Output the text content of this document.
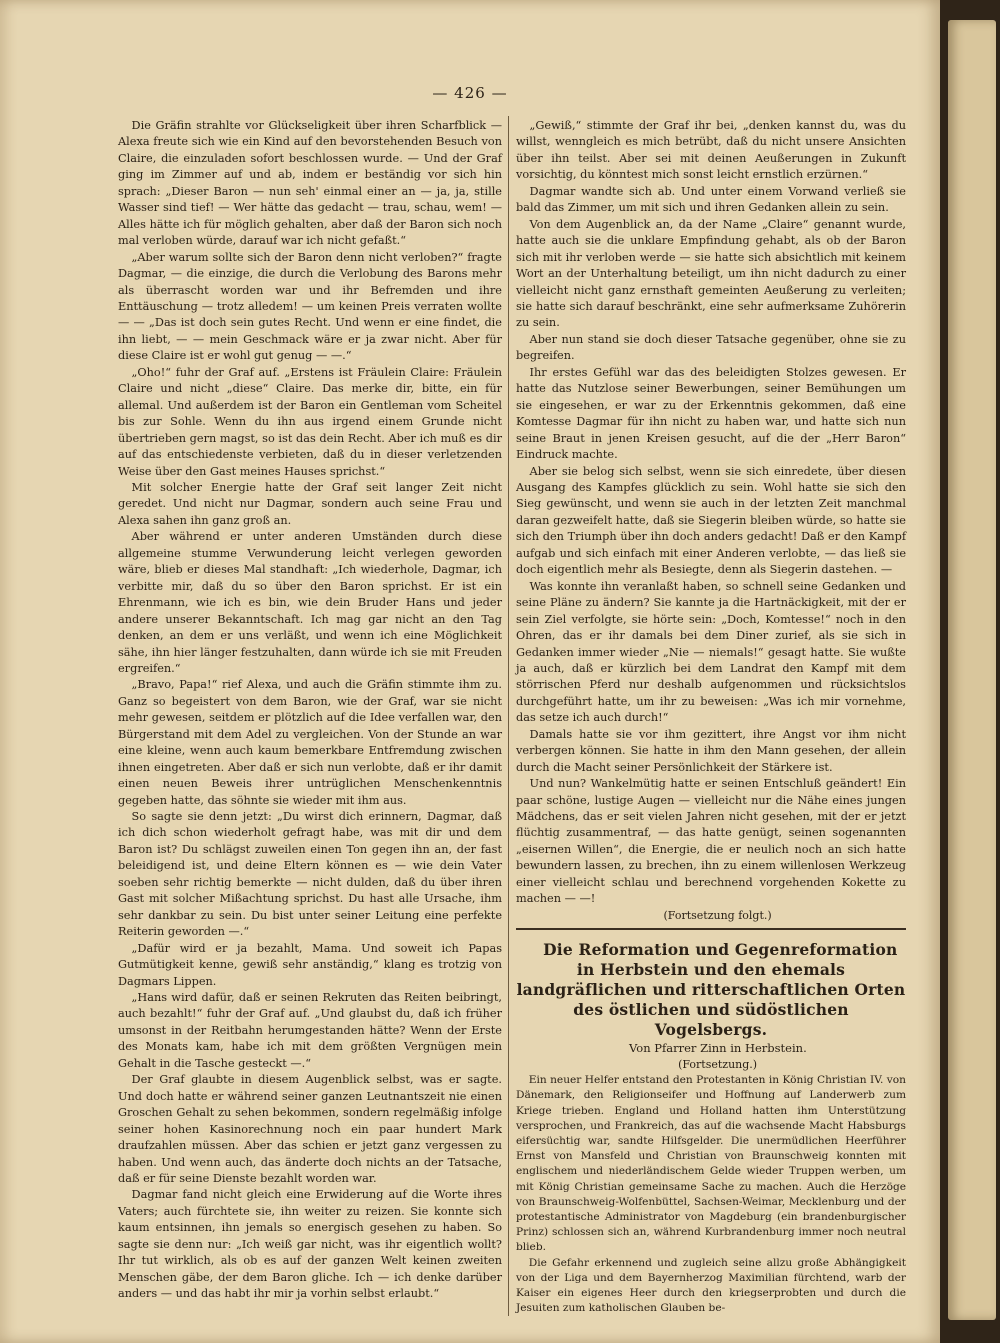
— 426 —

Die Gräfin strahlte vor Glückseligkeit über ihren Scharfblick — Alexa freute sich wie ein Kind auf den bevorstehenden Besuch von Claire, die einzuladen sofort beschlossen wurde. — Und der Graf ging im Zimmer auf und ab, indem er beständig vor sich hin sprach: „Dieser Baron — nun seh' einmal einer an — ja, ja, stille Wasser sind tief! — Wer hätte das gedacht — trau, schau, wem! — Alles hätte ich für möglich gehalten, aber daß der Baron sich noch mal verloben würde, darauf war ich nicht gefaßt.“

„Aber warum sollte sich der Baron denn nicht verloben?“ fragte Dagmar, — die einzige, die durch die Verlobung des Barons mehr als überrascht worden war und ihr Befremden und ihre Enttäuschung — trotz alledem! — um keinen Preis verraten wollte — — „Das ist doch sein gutes Recht. Und wenn er eine findet, die ihn liebt, — — mein Geschmack wäre er ja zwar nicht. Aber für diese Claire ist er wohl gut genug — —.“

„Oho!“ fuhr der Graf auf. „Erstens ist Fräulein Claire: Fräulein Claire und nicht „diese“ Claire. Das merke dir, bitte, ein für allemal. Und außerdem ist der Baron ein Gentleman vom Scheitel bis zur Sohle. Wenn du ihn aus irgend einem Grunde nicht übertrieben gern magst, so ist das dein Recht. Aber ich muß es dir auf das entschiedenste verbieten, daß du in dieser verletzenden Weise über den Gast meines Hauses sprichst.“

Mit solcher Energie hatte der Graf seit langer Zeit nicht geredet. Und nicht nur Dagmar, sondern auch seine Frau und Alexa sahen ihn ganz groß an.

Aber während er unter anderen Umständen durch diese allgemeine stumme Verwunderung leicht verlegen geworden wäre, blieb er dieses Mal standhaft: „Ich wiederhole, Dagmar, ich verbitte mir, daß du so über den Baron sprichst. Er ist ein Ehrenmann, wie ich es bin, wie dein Bruder Hans und jeder andere unserer Bekanntschaft. Ich mag gar nicht an den Tag denken, an dem er uns verläßt, und wenn ich eine Möglichkeit sähe, ihn hier länger festzuhalten, dann würde ich sie mit Freuden ergreifen.“

„Bravo, Papa!“ rief Alexa, und auch die Gräfin stimmte ihm zu. Ganz so begeistert von dem Baron, wie der Graf, war sie nicht mehr gewesen, seitdem er plötzlich auf die Idee verfallen war, den Bürgerstand mit dem Adel zu vergleichen. Von der Stunde an war eine kleine, wenn auch kaum bemerkbare Entfremdung zwischen ihnen eingetreten. Aber daß er sich nun verlobte, daß er ihr damit einen neuen Beweis ihrer untrüglichen Menschenkenntnis gegeben hatte, das söhnte sie wieder mit ihm aus.

So sagte sie denn jetzt: „Du wirst dich erinnern, Dagmar, daß ich dich schon wiederholt gefragt habe, was mit dir und dem Baron ist? Du schlägst zuweilen einen Ton gegen ihn an, der fast beleidigend ist, und deine Eltern können es — wie dein Vater soeben sehr richtig bemerkte — nicht dulden, daß du über ihren Gast mit solcher Mißachtung sprichst. Du hast alle Ursache, ihm sehr dankbar zu sein. Du bist unter seiner Leitung eine perfekte Reiterin geworden —.“

„Dafür wird er ja bezahlt, Mama. Und soweit ich Papas Gutmütigkeit kenne, gewiß sehr anständig,“ klang es trotzig von Dagmars Lippen.

„Hans wird dafür, daß er seinen Rekruten das Reiten beibringt, auch bezahlt!“ fuhr der Graf auf. „Und glaubst du, daß ich früher umsonst in der Reitbahn herumgestanden hätte? Wenn der Erste des Monats kam, habe ich mit dem größten Vergnügen mein Gehalt in die Tasche gesteckt —.“

Der Graf glaubte in diesem Augenblick selbst, was er sagte. Und doch hatte er während seiner ganzen Leutnantszeit nie einen Groschen Gehalt zu sehen bekommen, sondern regelmäßig infolge seiner hohen Kasinorechnung noch ein paar hundert Mark draufzahlen müssen. Aber das schien er jetzt ganz vergessen zu haben. Und wenn auch, das änderte doch nichts an der Tatsache, daß er für seine Dienste bezahlt worden war.

Dagmar fand nicht gleich eine Erwiderung auf die Worte ihres Vaters; auch fürchtete sie, ihn weiter zu reizen. Sie konnte sich kaum entsinnen, ihn jemals so energisch gesehen zu haben. So sagte sie denn nur: „Ich weiß gar nicht, was ihr eigentlich wollt? Ihr tut wirklich, als ob es auf der ganzen Welt keinen zweiten Menschen gäbe, der dem Baron gliche. Ich — ich denke darüber anders — und das habt ihr mir ja vorhin selbst erlaubt.“

„Gewiß,“ stimmte der Graf ihr bei, „denken kannst du, was du willst, wenngleich es mich betrübt, daß du nicht unsere Ansichten über ihn teilst. Aber sei mit deinen Aeußerungen in Zukunft vorsichtig, du könntest mich sonst leicht ernstlich erzürnen.“

Dagmar wandte sich ab. Und unter einem Vorwand verließ sie bald das Zimmer, um mit sich und ihren Gedanken allein zu sein.

Von dem Augenblick an, da der Name „Claire“ genannt wurde, hatte auch sie die unklare Empfindung gehabt, als ob der Baron sich mit ihr verloben werde — sie hatte sich absichtlich mit keinem Wort an der Unterhaltung beteiligt, um ihn nicht dadurch zu einer vielleicht nicht ganz ernsthaft gemeinten Aeußerung zu verleiten; sie hatte sich darauf beschränkt, eine sehr aufmerksame Zuhörerin zu sein.

Aber nun stand sie doch dieser Tatsache gegenüber, ohne sie zu begreifen.

Ihr erstes Gefühl war das des beleidigten Stolzes gewesen. Er hatte das Nutzlose seiner Bewerbungen, seiner Bemühungen um sie eingesehen, er war zu der Erkenntnis gekommen, daß eine Komtesse Dagmar für ihn nicht zu haben war, und hatte sich nun seine Braut in jenen Kreisen gesucht, auf die der „Herr Baron“ Eindruck machte.

Aber sie belog sich selbst, wenn sie sich einredete, über diesen Ausgang des Kampfes glücklich zu sein. Wohl hatte sie sich den Sieg gewünscht, und wenn sie auch in der letzten Zeit manchmal daran gezweifelt hatte, daß sie Siegerin bleiben würde, so hatte sie sich den Triumph über ihn doch anders gedacht! Daß er den Kampf aufgab und sich einfach mit einer Anderen verlobte, — das ließ sie doch eigentlich mehr als Besiegte, denn als Siegerin dastehen. —

Was konnte ihn veranlaßt haben, so schnell seine Gedanken und seine Pläne zu ändern? Sie kannte ja die Hartnäckigkeit, mit der er sein Ziel verfolgte, sie hörte sein: „Doch, Komtesse!“ noch in den Ohren, das er ihr damals bei dem Diner zurief, als sie sich in Gedanken immer wieder „Nie — niemals!“ gesagt hatte. Sie wußte ja auch, daß er kürzlich bei dem Landrat den Kampf mit dem störrischen Pferd nur deshalb aufgenommen und rücksichtslos durchgeführt hatte, um ihr zu beweisen: „Was ich mir vornehme, das setze ich auch durch!“

Damals hatte sie vor ihm gezittert, ihre Angst vor ihm nicht verbergen können. Sie hatte in ihm den Mann gesehen, der allein durch die Macht seiner Persönlichkeit der Stärkere ist.

Und nun? Wankelmütig hatte er seinen Entschluß geändert! Ein paar schöne, lustige Augen — vielleicht nur die Nähe eines jungen Mädchens, das er seit vielen Jahren nicht gesehen, mit der er jetzt flüchtig zusammentraf, — das hatte genügt, seinen sogenannten „eisernen Willen“, die Energie, die er neulich noch an sich hatte bewundern lassen, zu brechen, ihn zu einem willenlosen Werkzeug einer vielleicht schlau und berechnend vorgehenden Kokette zu machen — —!

(Fortsetzung folgt.)

Die Reformation und Gegenreformation in Herbstein und den ehemals landgräflichen und ritterschaftlichen Orten des östlichen und südöstlichen Vogelsbergs.

Von Pfarrer Zinn in Herbstein.

(Fortsetzung.)

Ein neuer Helfer entstand den Protestanten in König Christian IV. von Dänemark, den Religionseifer und Hoffnung auf Landerwerb zum Kriege trieben. England und Holland hatten ihm Unterstützung versprochen, und Frankreich, das auf die wachsende Macht Habsburgs eifersüchtig war, sandte Hilfsgelder. Die unermüdlichen Heerführer Ernst von Mansfeld und Christian von Braunschweig konnten mit englischem und niederländischem Gelde wieder Truppen werben, um mit König Christian gemeinsame Sache zu machen. Auch die Herzöge von Braunschweig-Wolfenbüttel, Sachsen-Weimar, Mecklenburg und der protestantische Administrator von Magdeburg (ein brandenburgischer Prinz) schlossen sich an, während Kurbrandenburg immer noch neutral blieb.

Die Gefahr erkennend und zugleich seine allzu große Abhängigkeit von der Liga und dem Bayernherzog Maximilian fürchtend, warb der Kaiser ein eigenes Heer durch den kriegserprobten und durch die Jesuiten zum katholischen Glauben be-
